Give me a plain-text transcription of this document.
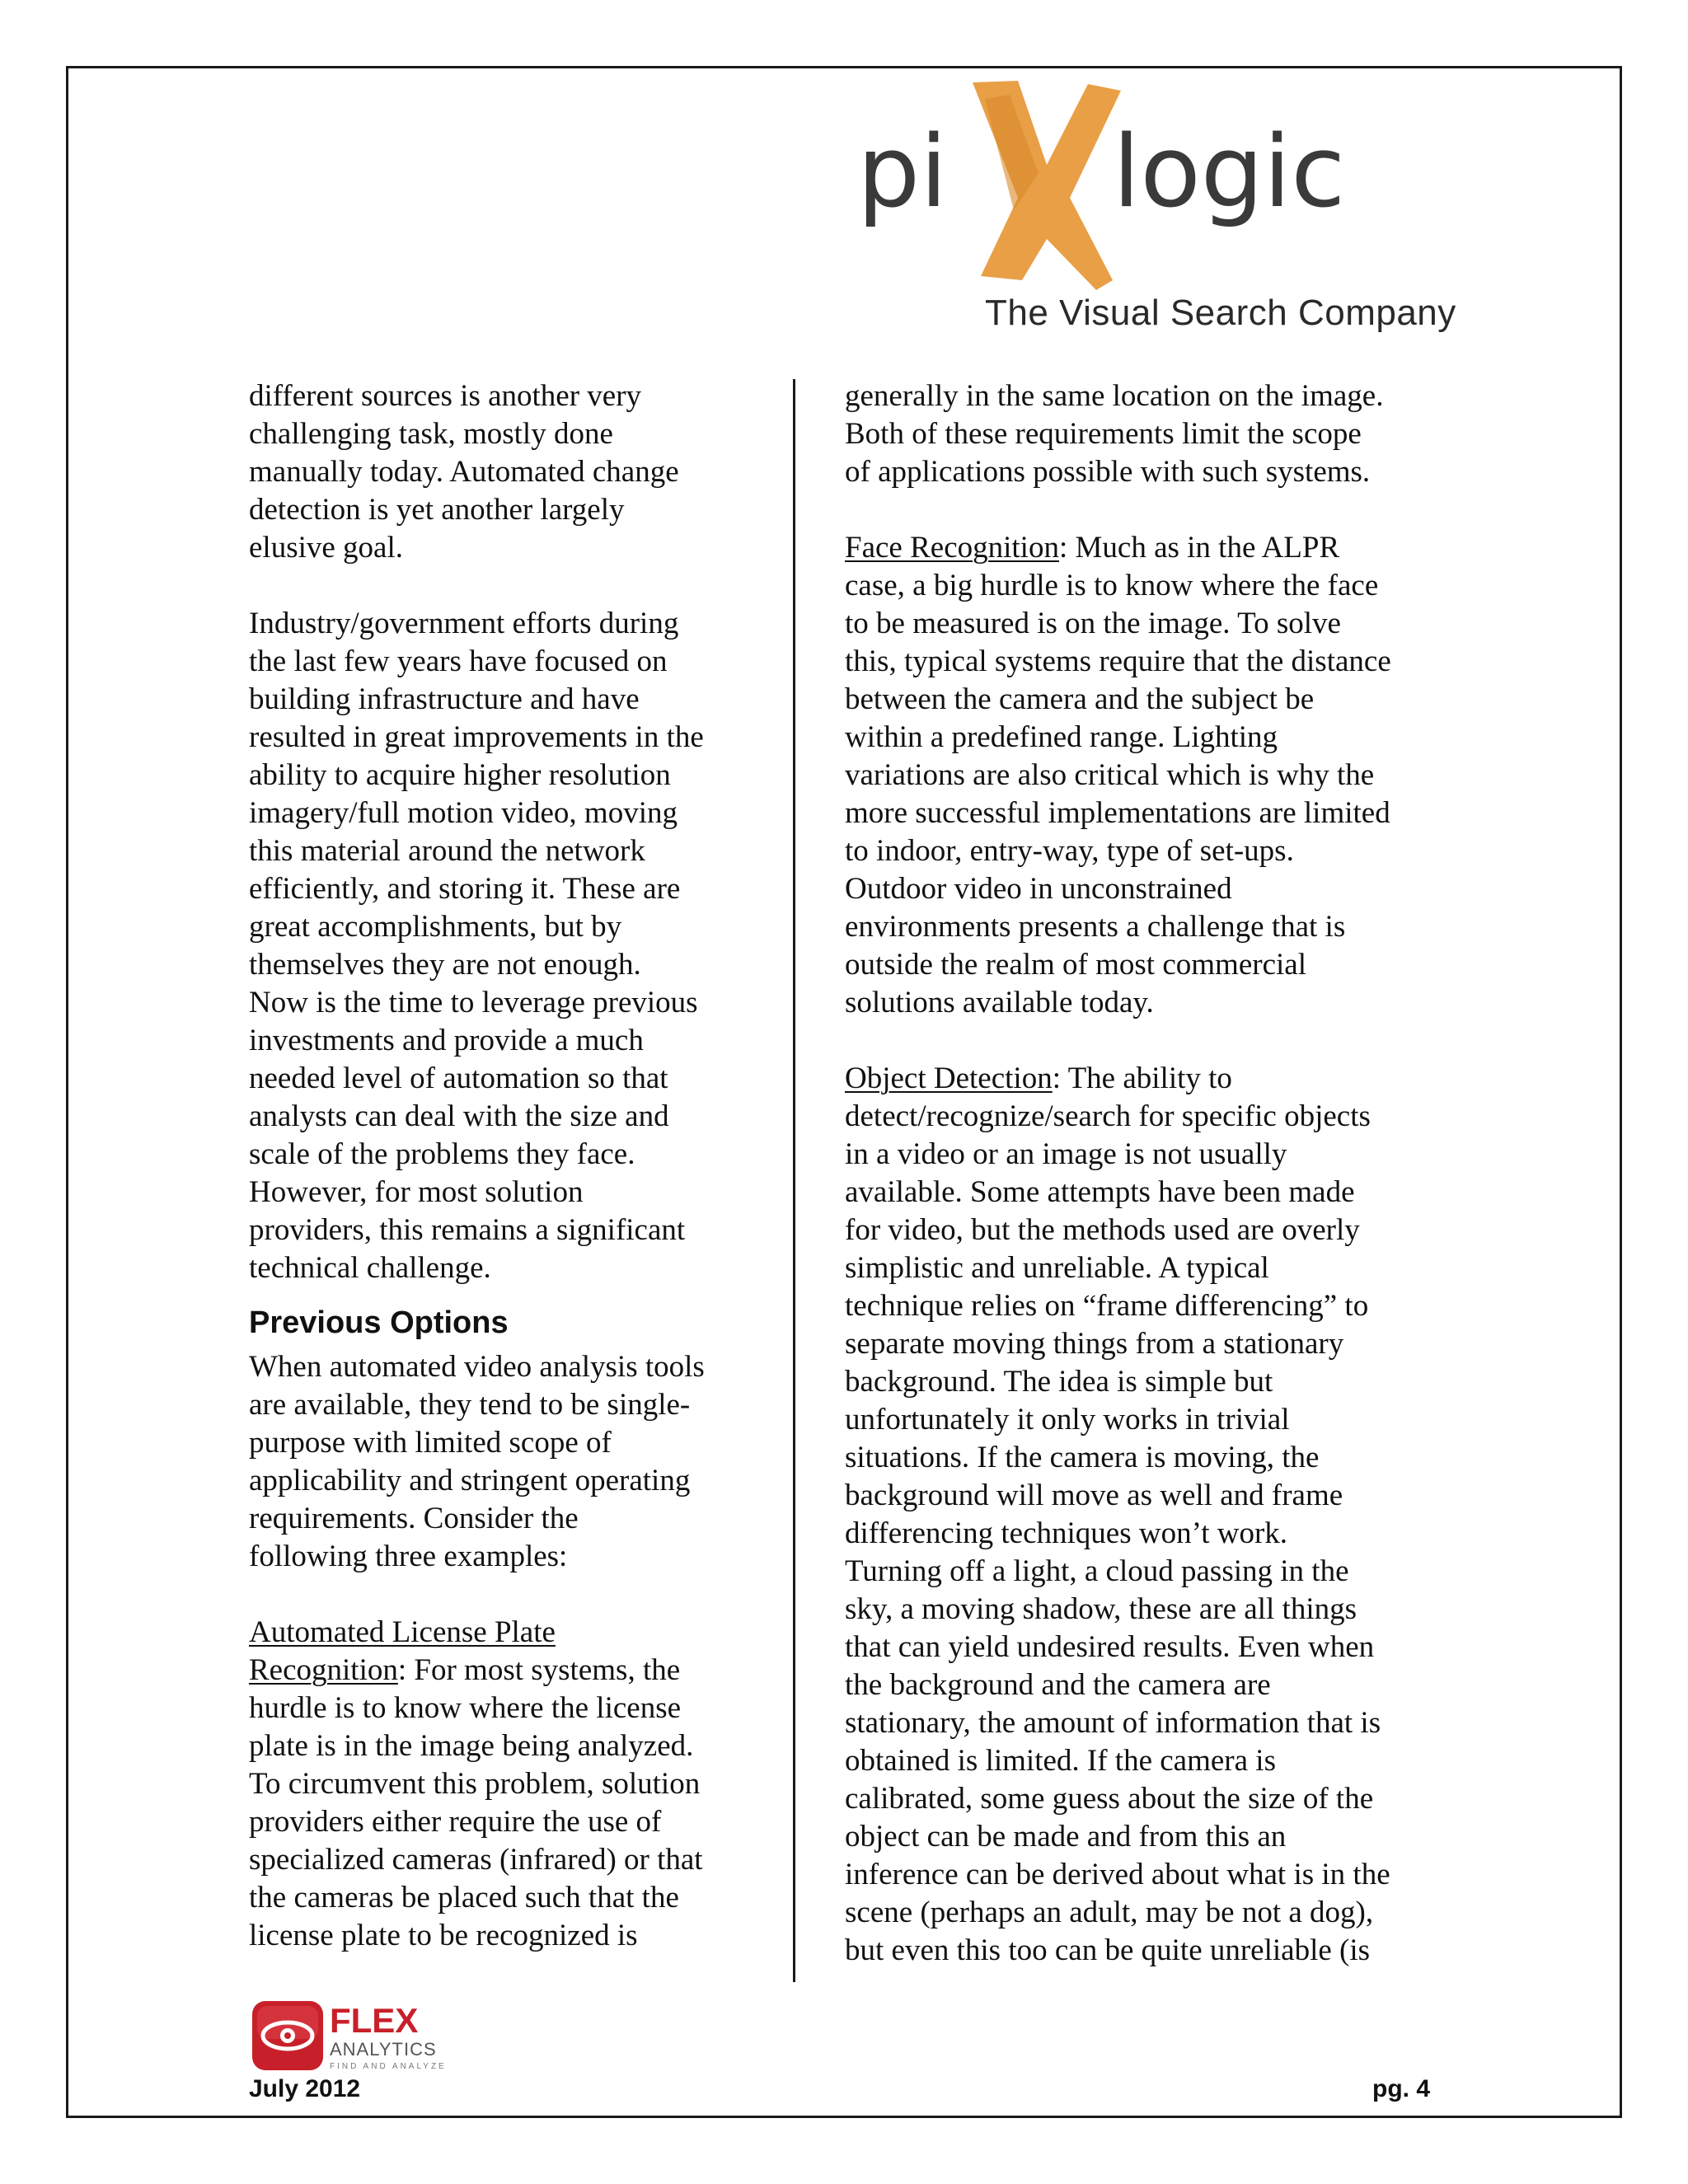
pi logic
The Visual Search Company
different sources is another very
challenging task, mostly done
manually today. Automated change
detection is yet another largely
elusive goal.
Industry/government efforts during
the last few years have focused on
building infrastructure and have
resulted in great improvements in the
ability to acquire higher resolution
imagery/full motion video, moving
this material around the network
efficiently, and storing it. These are
great accomplishments, but by
themselves they are not enough.
Now is the time to leverage previous
investments and provide a much
needed level of automation so that
analysts can deal with the size and
scale of the problems they face.
However, for most solution
providers, this remains a significant
technical challenge.
Previous Options
When automated video analysis tools
are available, they tend to be single-
purpose with limited scope of
applicability and stringent operating
requirements. Consider the
following three examples:
Automated License Plate
Recognition: For most systems, the
hurdle is to know where the license
plate is in the image being analyzed.
To circumvent this problem, solution
providers either require the use of
specialized cameras (infrared) or that
the cameras be placed such that the
license plate to be recognized is
generally in the same location on the image.
Both of these requirements limit the scope
of applications possible with such systems.
Face Recognition: Much as in the ALPR
case, a big hurdle is to know where the face
to be measured is on the image. To solve
this, typical systems require that the distance
between the camera and the subject be
within a predefined range. Lighting
variations are also critical which is why the
more successful implementations are limited
to indoor, entry-way, type of set-ups.
Outdoor video in unconstrained
environments presents a challenge that is
outside the realm of most commercial
solutions available today.
Object Detection: The ability to
detect/recognize/search for specific objects
in a video or an image is not usually
available. Some attempts have been made
for video, but the methods used are overly
simplistic and unreliable. A typical
technique relies on “frame differencing” to
separate moving things from a stationary
background. The idea is simple but
unfortunately it only works in trivial
situations. If the camera is moving, the
background will move as well and frame
differencing techniques won’t work.
Turning off a light, a cloud passing in the
sky, a moving shadow, these are all things
that can yield undesired results. Even when
the background and the camera are
stationary, the amount of information that is
obtained is limited. If the camera is
calibrated, some guess about the size of the
object can be made and from this an
inference can be derived about what is in the
scene (perhaps an adult, may be not a dog),
but even this too can be quite unreliable (is
FLEX
ANALYTICS
FIND AND ANALYZE
July 2012	pg. 4
